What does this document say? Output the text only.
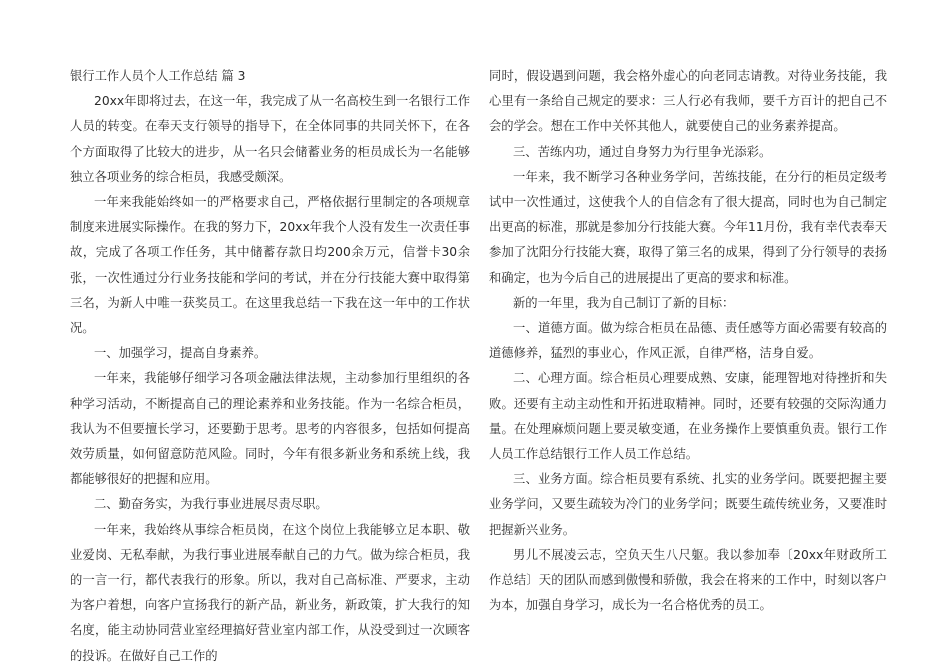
银行工作人员个人工作总结 篇 3

20xx年即将过去，在这一年，我完成了从一名高校生到一名银行工作人员的转变。在奉天支行领导的指导下，在全体同事的共同关怀下，在各个方面取得了比较大的进步，从一名只会储蓄业务的柜员成长为一名能够独立各项业务的综合柜员，我感受颇深。

一年来我能始终如一的严格要求自己，严格依据行里制定的各项规章制度来进展实际操作。在我的努力下，20xx年我个人没有发生一次责任事故，完成了各项工作任务，其中储蓄存款日均200余万元，信誉卡30余张，一次性通过分行业务技能和学问的考试，并在分行技能大赛中取得第三名，为新人中唯一获奖员工。在这里我总结一下我在这一年中的工作状况。

一、加强学习，提高自身素养。

一年来，我能够仔细学习各项金融法律法规，主动参加行里组织的各种学习活动，不断提高自己的理论素养和业务技能。作为一名综合柜员，我认为不但要擅长学习，还要勤于思考。思考的内容很多，包括如何提高效劳质量，如何留意防范风险。同时，今年有很多新业务和系统上线，我都能够很好的把握和应用。

二、勤奋务实，为我行事业进展尽责尽职。

一年来，我始终从事综合柜员岗，在这个岗位上我能够立足本职、敬业爱岗、无私奉献，为我行事业进展奉献自己的力气。做为综合柜员，我的一言一行，都代表我行的形象。所以，我对自己高标准、严要求，主动为客户着想，向客户宣扬我行的新产品，新业务，新政策，扩大我行的知名度，能主动协同营业室经理搞好营业室内部工作，从没受到过一次顾客的投诉。在做好自己工作的

同时，假设遇到问题，我会格外虚心的向老同志请教。对待业务技能，我心里有一条给自己规定的要求：三人行必有我师，要千方百计的把自己不会的学会。想在工作中关怀其他人，就要使自己的业务素养提高。

三、苦练内功，通过自身努力为行里争光添彩。

一年来，我不断学习各种业务学问，苦练技能，在分行的柜员定级考试中一次性通过，这使我个人的自信念有了很大提高，同时也为自己制定出更高的标准，那就是参加分行技能大赛。今年11月份，我有幸代表奉天参加了沈阳分行技能大赛，取得了第三名的成果，得到了分行领导的表扬和确定，也为今后自己的进展提出了更高的要求和标准。

新的一年里，我为自己制订了新的目标：

一、道德方面。做为综合柜员在品德、责任感等方面必需要有较高的道德修养，猛烈的事业心，作风正派，自律严格，洁身自爱。

二、心理方面。综合柜员心理要成熟、安康，能理智地对待挫折和失败。还要有主动主动性和开拓进取精神。同时，还要有较强的交际沟通力量。在处理麻烦问题上要灵敏变通，在业务操作上要慎重负责。银行工作人员工作总结银行工作人员工作总结。

三、业务方面。综合柜员要有系统、扎实的业务学问。既要把握主要业务学问，又要生疏较为冷门的业务学问；既要生疏传统业务，又要准时把握新兴业务。

男儿不展凌云志，空负天生八尺躯。我以参加奉〔20xx年财政所工作总结〕天的团队而感到傲慢和骄傲，我会在将来的工作中，时刻以客户为本，加强自身学习，成长为一名合格优秀的员工。
